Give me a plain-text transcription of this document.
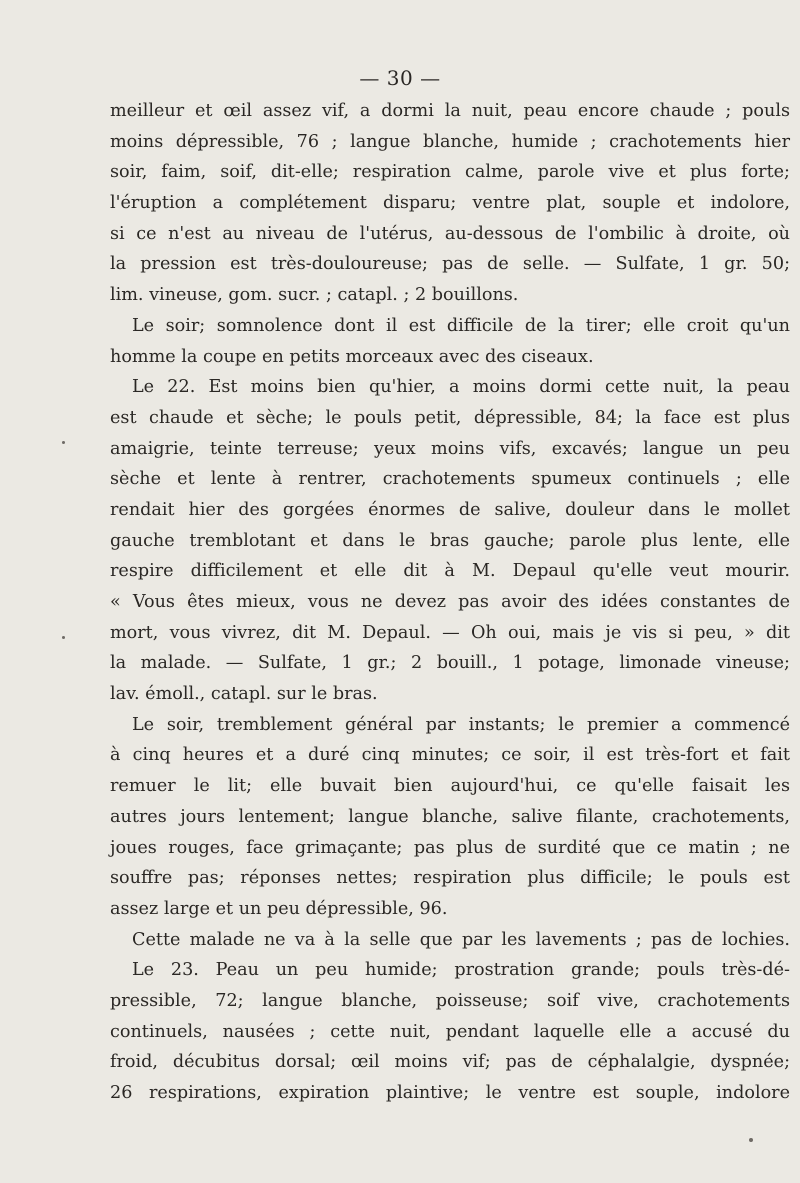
— 30 —
meilleur et œil assez vif, a dormi la nuit, peau encore chaude ; pouls
moins dépressible, 76 ; langue blanche, humide ; crachotements hier
soir, faim, soif, dit-elle; respiration calme, parole vive et plus forte;
l'éruption a complétement disparu; ventre plat, souple et indolore,
si ce n'est au niveau de l'utérus, au-dessous de l'ombilic à droite, où
la pression est très-douloureuse; pas de selle. — Sulfate, 1 gr. 50;
lim. vineuse, gom. sucr. ; catapl. ; 2 bouillons.
Le soir; somnolence dont il est difficile de la tirer; elle croit qu'un
homme la coupe en petits morceaux avec des ciseaux.
Le 22. Est moins bien qu'hier, a moins dormi cette nuit, la peau
est chaude et sèche; le pouls petit, dépressible, 84; la face est plus
amaigrie, teinte terreuse; yeux moins vifs, excavés; langue un peu
sèche et lente à rentrer, crachotements spumeux continuels ; elle
rendait hier des gorgées énormes de salive, douleur dans le mollet
gauche tremblotant et dans le bras gauche; parole plus lente, elle
respire difficilement et elle dit à M. Depaul qu'elle veut mourir.
« Vous êtes mieux, vous ne devez pas avoir des idées constantes de
mort, vous vivrez, dit M. Depaul. — Oh oui, mais je vis si peu, » dit
la malade. — Sulfate, 1 gr.; 2 bouill., 1 potage, limonade vineuse;
lav. émoll., catapl. sur le bras.
Le soir, tremblement général par instants; le premier a commencé
à cinq heures et a duré cinq minutes; ce soir, il est très-fort et fait
remuer le lit; elle buvait bien aujourd'hui, ce qu'elle faisait les
autres jours lentement; langue blanche, salive filante, crachotements,
joues rouges, face grimaçante; pas plus de surdité que ce matin ; ne
souffre pas; réponses nettes; respiration plus difficile; le pouls est
assez large et un peu dépressible, 96.
Cette malade ne va à la selle que par les lavements ; pas de lochies.
Le 23. Peau un peu humide; prostration grande; pouls très-dé-
pressible, 72; langue blanche, poisseuse; soif vive, crachotements
continuels, nausées ; cette nuit, pendant laquelle elle a accusé du
froid, décubitus dorsal; œil moins vif; pas de céphalalgie, dyspnée;
26 respirations, expiration plaintive; le ventre est souple, indolore
